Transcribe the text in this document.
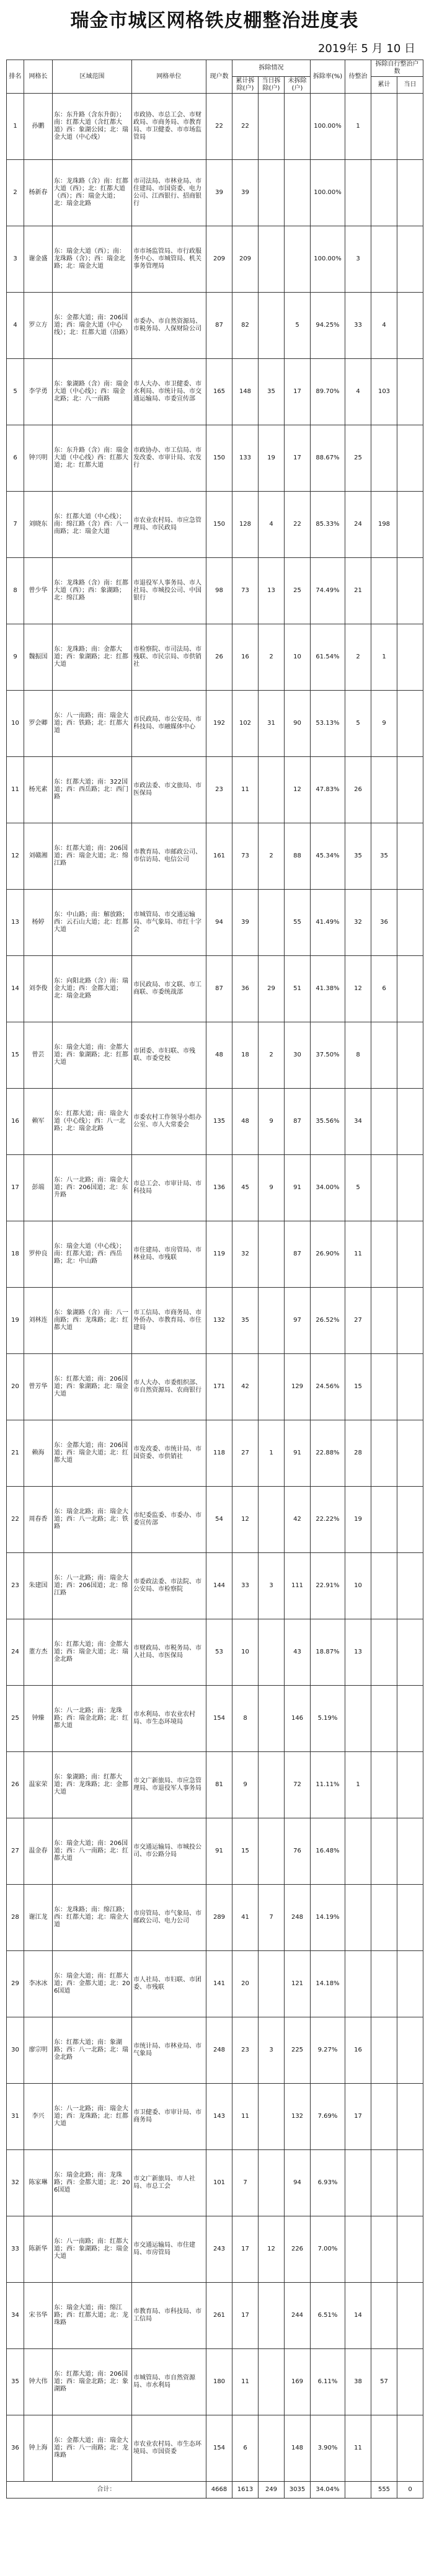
瑞金市城区网格铁皮棚整治进度表
2019年 5 月 10 日
排名	网格长	区域范围	网格单位	现户数	拆除情况			拆除率(%)	待整治	拆除自行整治户数	
					累计拆除(户)	当日拆除(户)	未拆除(户)			累计	当日
1	孙鹏	东：东升路（含东升街）；南：红都大道（含红都大道）西：象湖公园；北：瑞金大道（中心线）	市政协、市总工会、市财政局、市商务局、市教育局、市卫健委、市市场监管局	22	22			100.00%	1		
2	杨新春	东：龙珠路（含）南：红都大道（西）；北：红都大道（西）；西：瑞金大道；北：瑞金北路	市司法局、市林业局、市住建局、市国资委、电力公司、江西银行、招商银行	39	39			100.00%			
3	谢金盛	东：瑞金大道（西）；南：龙珠路（含）；西：瑞金北路；北：瑞金大道	市市场监管局、市行政服务中心、市城管局、机关事务管理局	209	209			100.00%	3		
4	罗立方	东：金都大道；南：206国道；西：瑞金大道（中心线）；北：红都大道（沿路）	市委办、市自然资源局、市税务局、人保财险公司	87	82		5	94.25%	33	4	
5	李学勇	东：象湖路（含）南：瑞金大道（中心线）；西：瑞金北路；北：八一南路	市人大办、市卫健委、市水利局、市统计局、市交通运输局、市委宣传部	165	148	35	17	89.70%	4	103	
6	钟兴明	东：东升路（含）南：瑞金大道（中心线）西：红都大道；北：红都大道	市政协办、市工信局、市发改委、市审计局、农发行	150	133	19	17	88.67%	25		
7	刘晓东	东：红都大道（中心线）；南：绵江路（含）西：八一南路；北：瑞金大道	市农业农村局、市应急管理局、市民政局	150	128	4	22	85.33%	24	198	
8	曾少华	东：龙珠路（含）南：红都大道（西）；西：象湖路；北：绵江路	市退役军人事务局、市人社局、市城投公司、中国银行	98	73	13	25	74.49%	21		
9	魏振国	东：龙珠路；南：金都大道；西：象湖路；北：红都大道	市检察院、市司法局、市残联、市民宗局、市供销社	26	16	2	10	61.54%	2	1	
10	罗会卿	东：八一南路；南：瑞金大道；西：铁路；北：红都大道	市民政局、市公安局、市科技局、市融媒体中心	192	102	31	90	53.13%	5	9	
11	杨光素	东：红都大道；南：322国道；西：西岳路；北：西门路	市政法委、市文旅局、市医保局	23	11		12	47.83%	26		
12	刘赣湘	东：红都大道；南：206国道；西：瑞金大道；北：绵江路	市教育局、市邮政公司、市信访局、电信公司	161	73	2	88	45.34%	35	35	
13	杨婷	东：中山路；南：解放路；西：云石山大道；北：红都大道	市城管局、市交通运输局、市气象局、市红十字会	94	39		55	41.49%	32	36	
14	刘李俊	东：向阳北路（含）南：瑞金大道；西：金都大道；北：瑞金北路	市民政局、市文联、市工商联、市委统战部	87	36	29	51	41.38%	12	6	
15	曾芸	东：瑞金大道；南：金都大道；西：象湖路；北：红都大道	市团委、市妇联、市残联、市委党校	48	18	2	30	37.50%	8		
16	赖军	东：红都大道；南：瑞金大道（中心线）；西：八一北路；北：瑞金北路	市委农村工作领导小组办公室、市人大常委会	135	48	9	87	35.56%	34		
17	彭端	东：八一北路；南：瑞金大道；西：206国道；北：东升路	市总工会、市审计局、市科技局	136	45	9	91	34.00%	5		
18	罗仲良	东：瑞金大道（中心线）；南：红都大道；西：西岳路；北：中山路	市住建局、市房管局、市林业局、市残联	119	32		87	26.90%	11		
19	刘林连	东：象湖路（含）南：八一南路；西：龙珠路；北：红都大道	市工信局、市商务局、市外侨办、市教育局、市住建局	132	35		97	26.52%	27		
20	曾芳华	东：红都大道；南：206国道；西：象湖路；北：瑞金大道	市人大办、市委组织部、市自然资源局、农商银行	171	42		129	24.56%	15		
21	赖海	东：金都大道；南：206国道；西：瑞金大道；北：红都大道	市发改委、市统计局、市国资委、市供销社	118	27	1	91	22.88%	28		
22	周春香	东：瑞金北路；南：瑞金大道；西：八一北路；北：铁路	市纪委监委、市委办、市委宣传部	54	12		42	22.22%	19		
23	朱建国	东：八一北路；南：瑞金大道；西：206国道；北：绵江路	市委政法委、市法院、市公安局、市检察院	144	33	3	111	22.91%	10		
24	董方杰	东：红都大道；南：金都大道；西：瑞金大道；北：瑞金北路	市财政局、市税务局、市人社局、市医保局	53	10		43	18.87%	13		
25	钟臻	东：八一北路；南：龙珠路；西：瑞金北路；北：红都大道	市水利局、市农业农村局、市生态环境局	154	8		146	5.19%			
26	温家荣	东：象湖路；南：红都大道；西：龙珠路；北：金都大道	市文广新旅局、市应急管理局、市退役军人事务局	81	9		72	11.11%	1		
27	温金春	东：瑞金大道；南：206国道；西：八一南路；北：红都大道	市交通运输局、市城投公司、市公路分局	91	15		76	16.48%			
28	谢江龙	东：龙珠路；南：绵江路；西：红都大道；北：瑞金大道	市房管局、市气象局、市邮政公司、电力公司	289	41	7	248	14.19%			
29	李冰冰	东：瑞金大道；南：红都大道；西：金都大道；北：206国道	市人社局、市妇联、市团委、市残联	141	20		121	14.18%			
30	廖宗明	东：红都大道；南：象湖路；西：八一北路；北：瑞金北路	市统计局、市林业局、市气象局	248	23	3	225	9.27%	16		
31	李兴	东：八一北路；南：瑞金大道；西：龙珠路；北：红都大道	市卫健委、市审计局、市商务局	143	11		132	7.69%	17		
32	陈家琳	东：瑞金北路；南：龙珠路；西：金都大道；北：206国道	市文广新旅局、市人社局、市总工会	101	7		94	6.93%			
33	陈新华	东：八一南路；南：红都大道；西：象湖路；北：瑞金大道	市交通运输局、市住建局、市房管局	243	17	12	226	7.00%			
34	宋书华	东：瑞金大道；南：绵江路；西：红都大道；北：龙珠路	市教育局、市科技局、市工信局	261	17		244	6.51%	14		
35	钟大伟	东：红都大道；南：206国道；西：瑞金北路；北：象湖路	市城管局、市自然资源局、市水利局	180	11		169	6.11%	38	57	
36	钟上海	东：金都大道；南：瑞金大道；西：八一南路；北：龙珠路	市农业农村局、市生态环境局、市国资委	154	6		148	3.90%	11		
合计：				4668	1613	249	3035	34.04%		555	0
